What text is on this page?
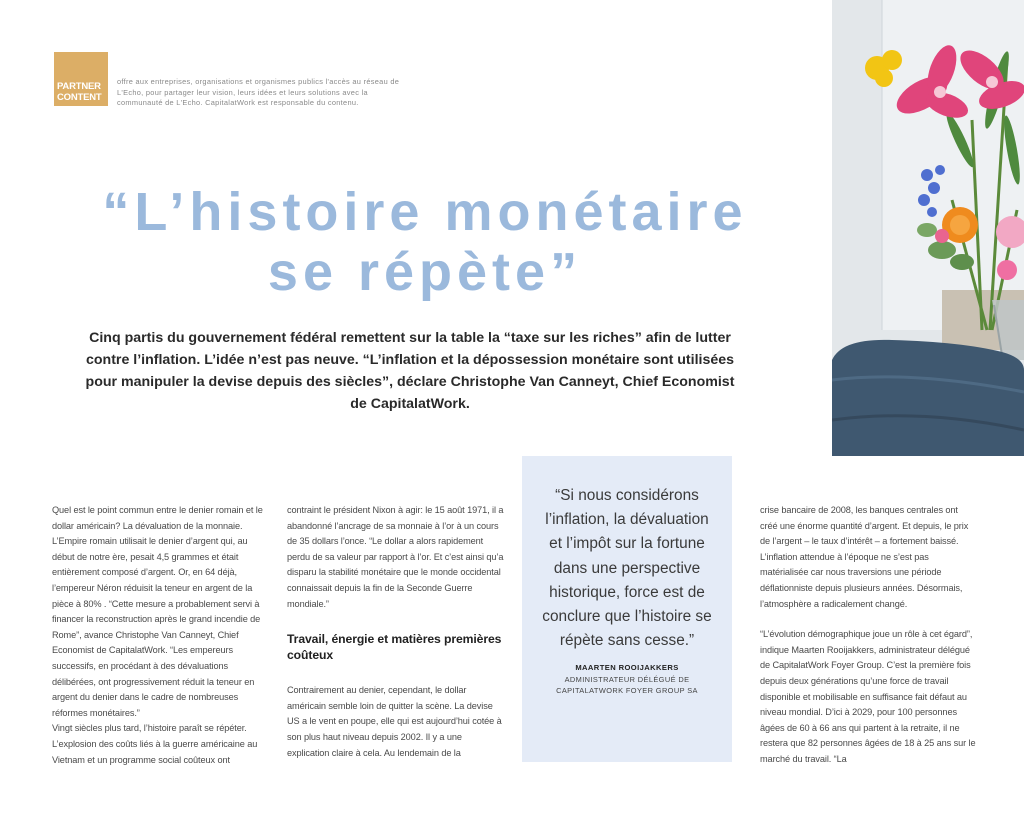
PARTNER
CONTENT
offre aux entreprises, organisations et organismes publics l'accès au réseau de L'Echo, pour partager leur vision, leurs idées et leurs solutions avec la communauté de L'Echo. CapitalatWork est responsable du contenu.
“L’histoire monétaire
se répète”

Cinq partis du gouvernement fédéral remettent sur la table la “taxe sur les riches” afin de lutter contre l’inflation. L’idée n’est pas neuve. “L’inflation et la dépossession monétaire sont utilisées pour manipuler la devise depuis des siècles”, déclare Christophe Van Canneyt, Chief Economist de CapitalatWork.

Quel est le point commun entre le denier romain et le dollar américain? La dévaluation de la monnaie. L’Empire romain utilisait le denier d’argent qui, au début de notre ère, pesait 4,5 grammes et était entièrement composé d’argent. Or, en 64 déjà, l’empereur Néron réduisit la teneur en argent de la pièce à 80% . “Cette mesure a probablement servi à financer la reconstruction après le grand incendie de Rome”, avance Christophe Van Canneyt, Chief Economist de CapitalatWork. “Les empereurs successifs, en procédant à des dévaluations délibérées, ont progressivement réduit la teneur en argent du denier dans le cadre de nombreuses réformes monétaires.”

Vingt siècles plus tard, l’histoire paraît se répéter. L’explosion des coûts liés à la guerre américaine au Vietnam et un programme social coûteux ont

contraint le président Nixon à agir: le 15 août 1971, il a abandonné l’ancrage de sa monnaie à l’or à un cours de 35 dollars l’once. “Le dollar a alors rapidement perdu de sa valeur par rapport à l’or. Et c’est ainsi qu’a disparu la stabilité monétaire que le monde occidental connaissait depuis la fin de la Seconde Guerre mondiale.”

Travail, énergie et matières premières coûteux

Contrairement au denier, cependant, le dollar américain semble loin de quitter la scène. La devise US a le vent en poupe, elle qui est aujourd’hui cotée à son plus haut niveau depuis 2002. Il y a une explication claire à cela. Au lendemain de la

“Si nous considérons l’inflation, la dévaluation et l’impôt sur la fortune dans une perspective historique, force est de conclure que l’histoire se répète sans cesse.”

MAARTEN ROOIJAKKERS
ADMINISTRATEUR DÉLÉGUÉ DE
CAPITALATWORK FOYER GROUP SA

crise bancaire de 2008, les banques centrales ont créé une énorme quantité d’argent. Et depuis, le prix de l’argent – le taux d’intérêt – a fortement baissé. L’inflation attendue à l’époque ne s’est pas matérialisée car nous traversions une période déflationniste depuis plusieurs années. Désormais, l’atmosphère a radicalement changé.

“L’évolution démographique joue un rôle à cet égard”, indique Maarten Rooijakkers, administrateur délégué de CapitalatWork Foyer Group. C’est la première fois depuis deux générations qu’une force de travail disponible et mobilisable en suffisance fait défaut au niveau mondial. D’ici à 2029, pour 100 personnes âgées de 60 à 66 ans qui partent à la retraite, il ne restera que 82 personnes âgées de 18 à 25 ans sur le marché du travail. “La
